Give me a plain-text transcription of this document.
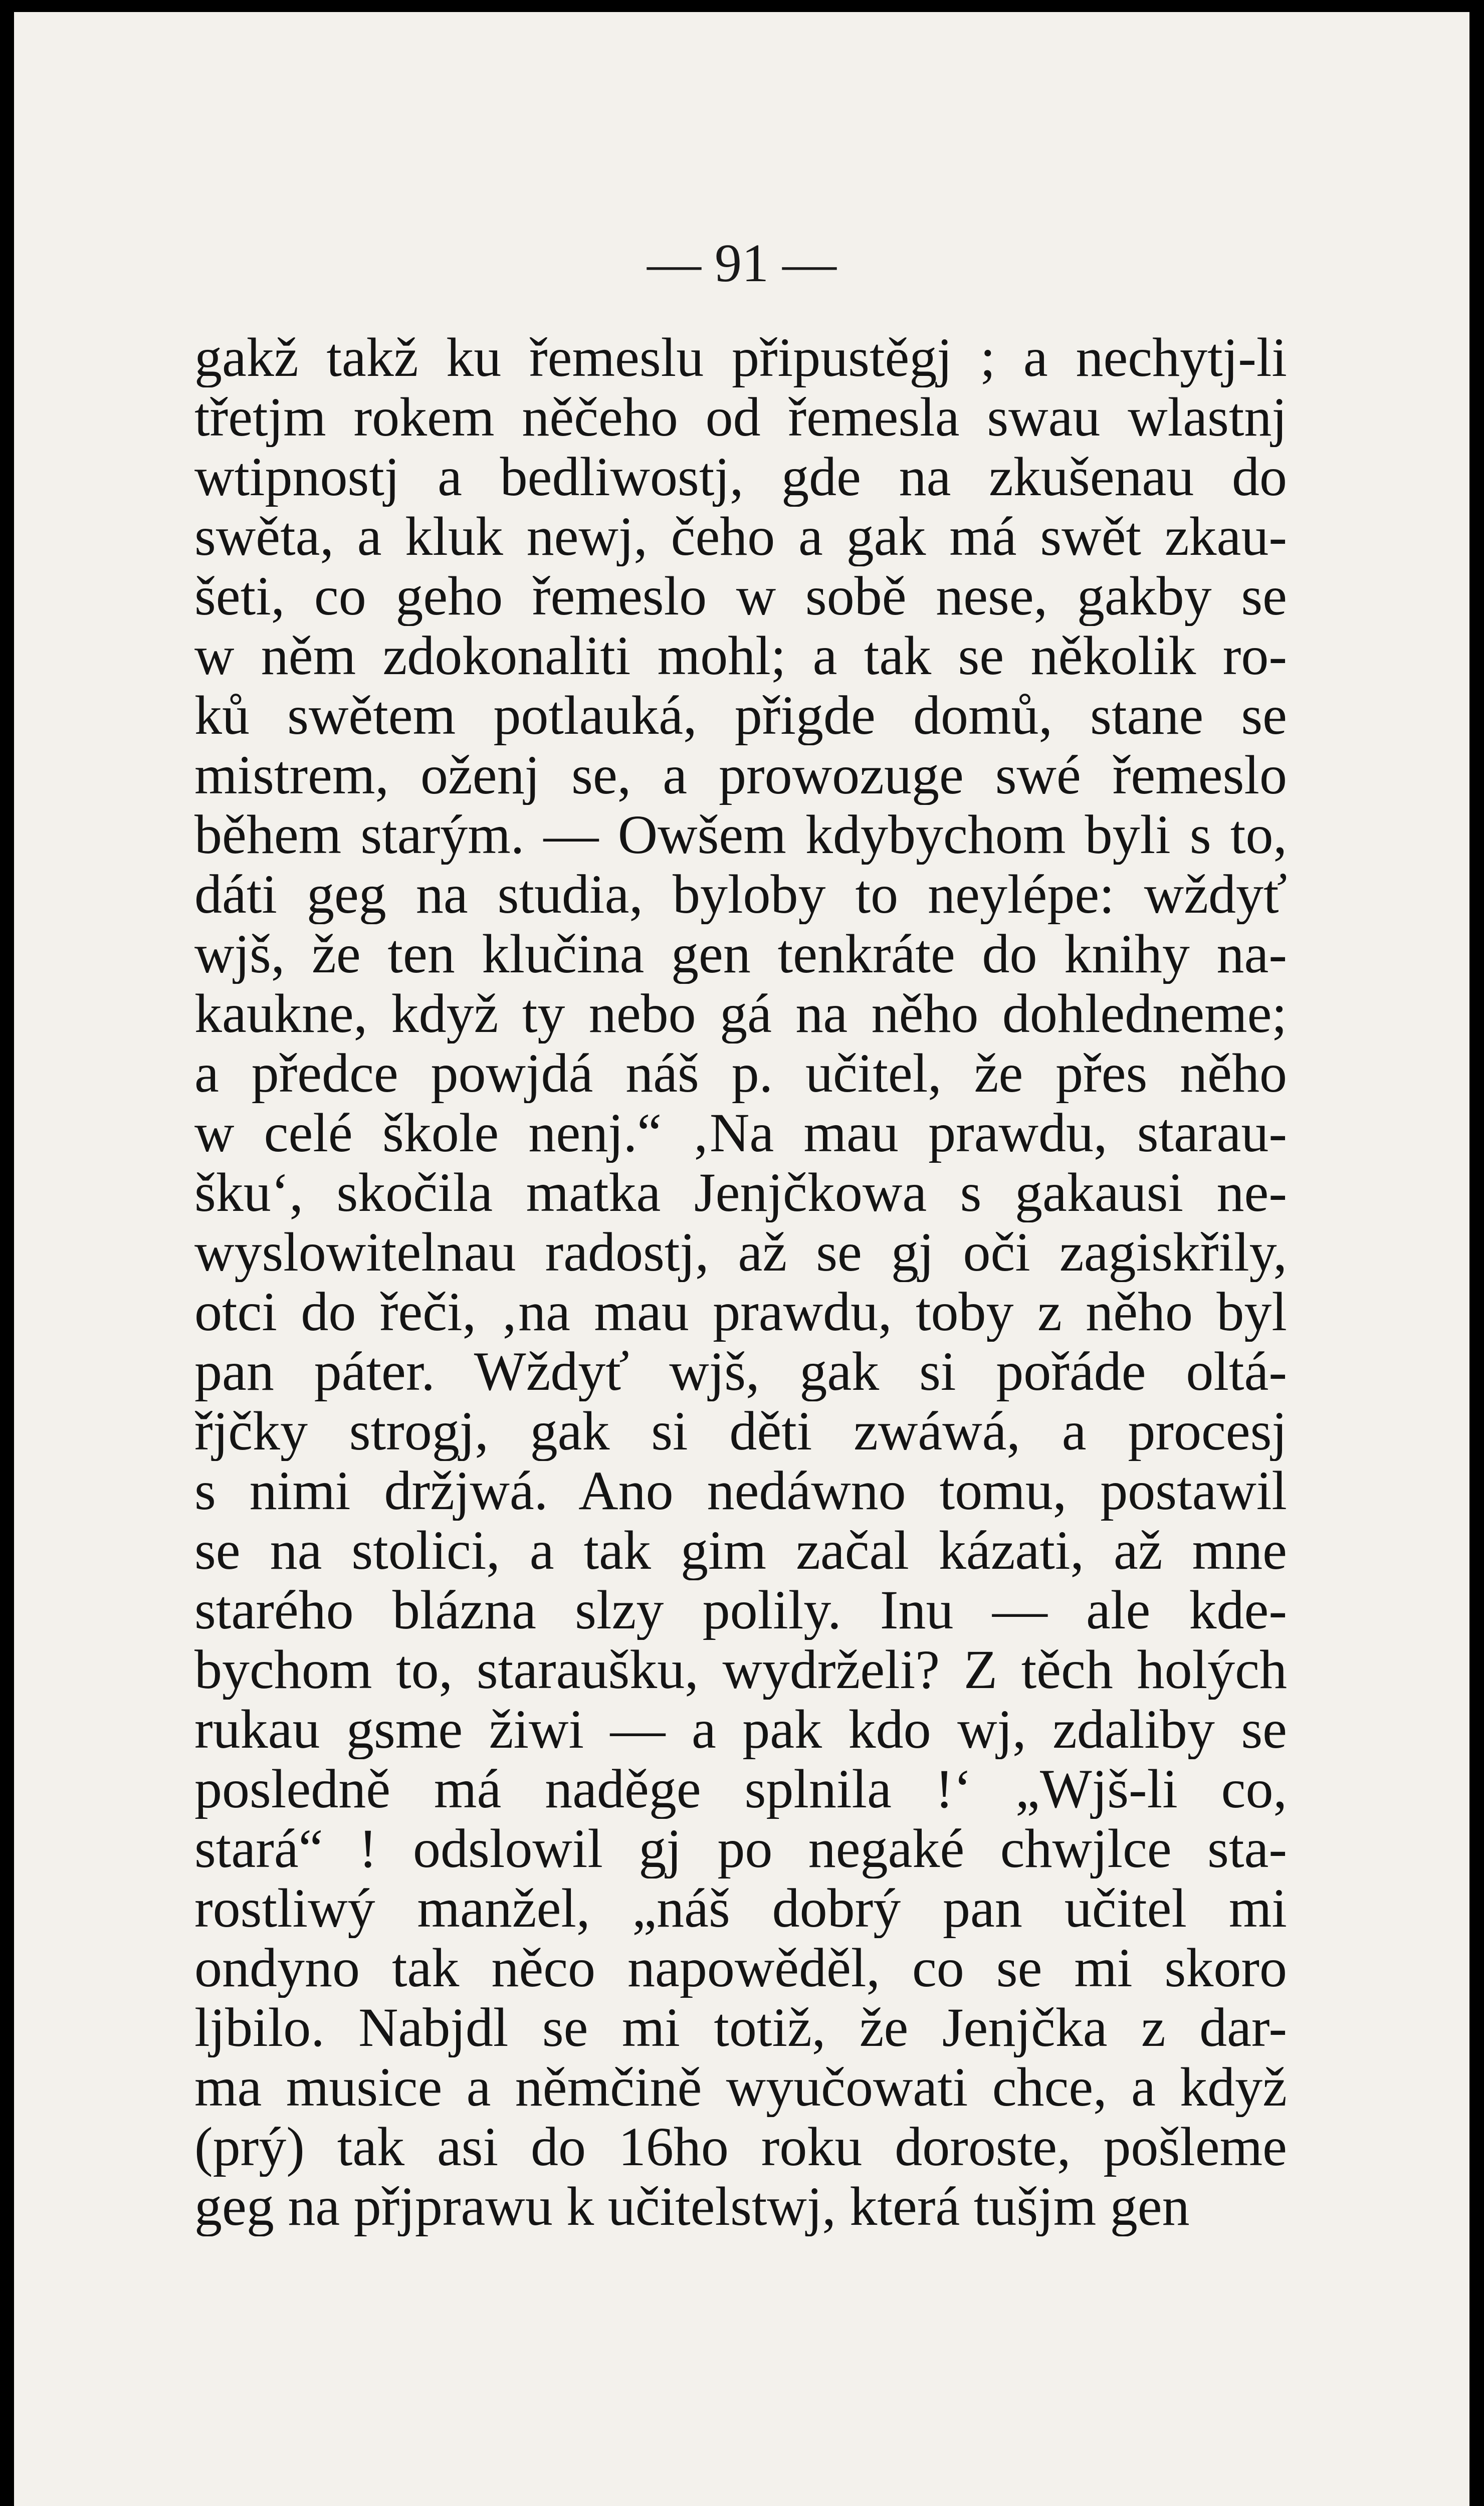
— 91 —
gakž takž ku řemeslu připustěgj ; a nechytj-li
třetjm rokem něčeho od řemesla swau wlastnj
wtipnostj a bedliwostj, gde na zkušenau do
swěta, a kluk newj, čeho a gak má swět zkau-
šeti, co geho řemeslo w sobě nese, gakby se
w něm zdokonaliti mohl; a tak se několik ro-
ků swětem potlauká, přigde domů, stane se
mistrem, oženj se, a prowozuge swé řemeslo
během starým. — Owšem kdybychom byli s to,
dáti geg na studia, byloby to neylépe: wždyť
wjš, že ten klučina gen tenkráte do knihy na-
kaukne, když ty nebo gá na něho dohledneme;
a předce powjdá náš p. učitel, že přes něho
w celé škole nenj.“ ‚Na mau prawdu, starau-
šku‘, skočila matka Jenjčkowa s gakausi ne-
wyslowitelnau radostj, až se gj oči zagiskřily,
otci do řeči, ‚na mau prawdu, toby z něho byl
pan páter. Wždyť wjš, gak si pořáde oltá-
řjčky strogj, gak si děti zwáwá, a procesj
s nimi držjwá. Ano nedáwno tomu, postawil
se na stolici, a tak gim začal kázati, až mne
starého blázna slzy polily. Inu — ale kde-
bychom to, staraušku, wydrželi? Z těch holých
rukau gsme žiwi — a pak kdo wj, zdaliby se
posledně má naděge splnila !‘ „Wjš-li co,
stará“ ! odslowil gj po negaké chwjlce sta-
rostliwý manžel, „náš dobrý pan učitel mi
ondyno tak něco napowěděl, co se mi skoro
ljbilo. Nabjdl se mi totiž, že Jenjčka z dar-
ma musice a němčině wyučowati chce, a když
(prý) tak asi do 16ho roku doroste, pošleme
geg na přjprawu k učitelstwj, která tušjm gen
